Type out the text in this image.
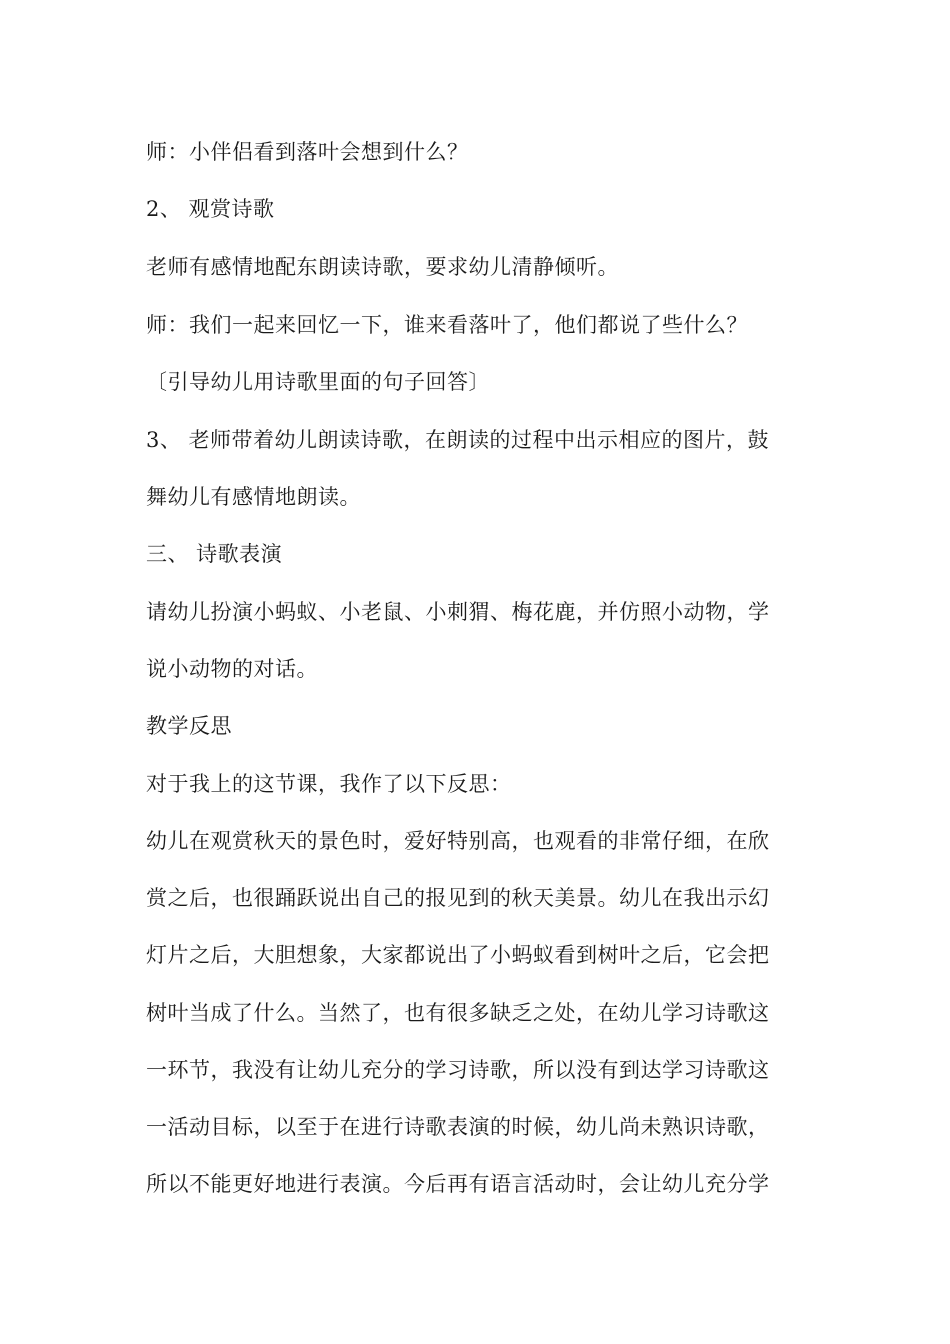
师：小伴侣看到落叶会想到什么？
2、 观赏诗歌
老师有感情地配东朗读诗歌，要求幼儿清静倾听。
师：我们一起来回忆一下，谁来看落叶了，他们都说了些什么？
〔引导幼儿用诗歌里面的句子回答〕
3、 老师带着幼儿朗读诗歌，在朗读的过程中出示相应的图片，鼓
舞幼儿有感情地朗读。
三、 诗歌表演
请幼儿扮演小蚂蚁、小老鼠、小刺猬、梅花鹿，并仿照小动物，学
说小动物的对话。
教学反思
对于我上的这节课，我作了以下反思：
幼儿在观赏秋天的景色时，爱好特别高，也观看的非常仔细，在欣
赏之后，也很踊跃说出自己的报见到的秋天美景。幼儿在我出示幻
灯片之后，大胆想象，大家都说出了小蚂蚁看到树叶之后，它会把
树叶当成了什么。当然了，也有很多缺乏之处，在幼儿学习诗歌这
一环节，我没有让幼儿充分的学习诗歌，所以没有到达学习诗歌这
一活动目标，以至于在进行诗歌表演的时候，幼儿尚未熟识诗歌，
所以不能更好地进行表演。今后再有语言活动时，会让幼儿充分学
